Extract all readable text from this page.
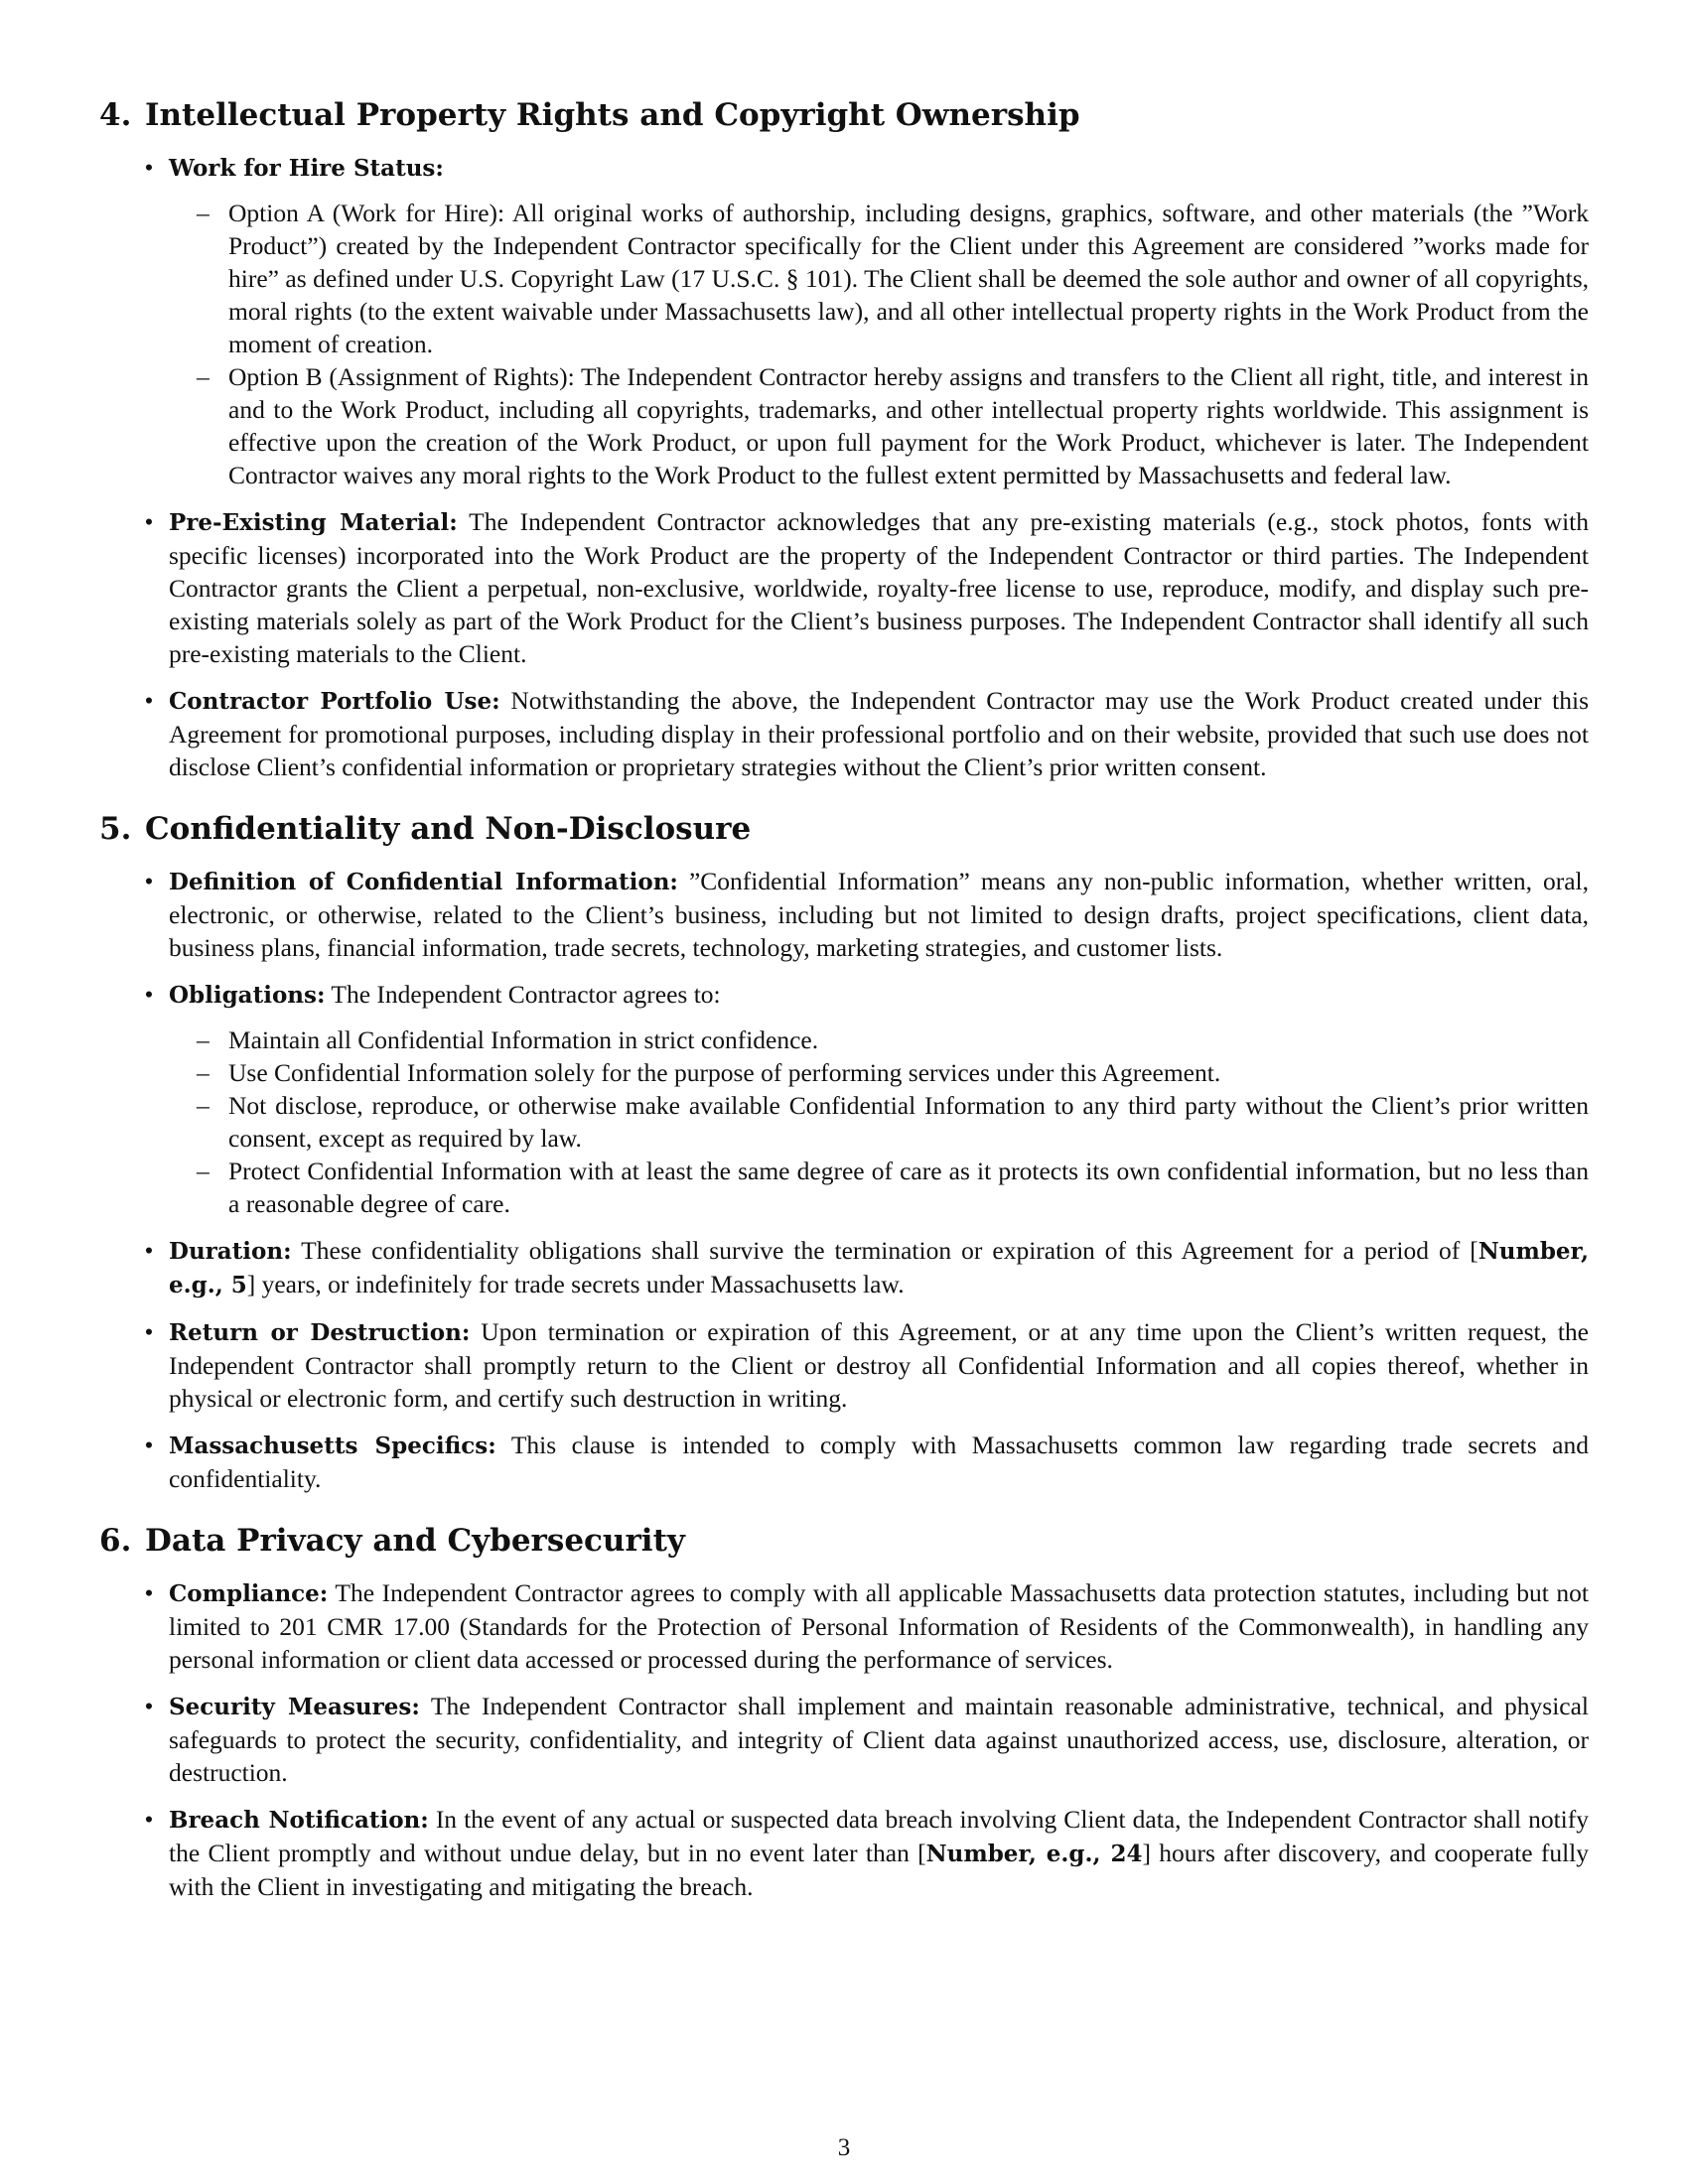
4. Intellectual Property Rights and Copyright Ownership
• Work for Hire Status:
– Option A (Work for Hire): All original works of authorship, including designs, graphics, software, and other materials (the ”Work Product”) created by the Independent Contractor specifically for the Client under this Agreement are considered ”works made for hire” as defined under U.S. Copyright Law (17 U.S.C. § 101). The Client shall be deemed the sole author and owner of all copyrights, moral rights (to the extent waivable under Massachusetts law), and all other intellectual property rights in the Work Product from the moment of creation.
– Option B (Assignment of Rights): The Independent Contractor hereby assigns and transfers to the Client all right, title, and interest in and to the Work Product, including all copyrights, trademarks, and other intellectual property rights worldwide. This assignment is effective upon the creation of the Work Product, or upon full payment for the Work Product, whichever is later. The Independent Contractor waives any moral rights to the Work Product to the fullest extent permitted by Massachusetts and federal law.
• Pre-Existing Material: The Independent Contractor acknowledges that any pre-existing materials (e.g., stock photos, fonts with specific licenses) incorporated into the Work Product are the property of the Independent Contractor or third parties. The Independent Contractor grants the Client a perpetual, non-exclusive, worldwide, royalty-free license to use, reproduce, modify, and display such pre-existing materials solely as part of the Work Product for the Client’s business purposes. The Independent Contractor shall identify all such pre-existing materials to the Client.
• Contractor Portfolio Use: Notwithstanding the above, the Independent Contractor may use the Work Product created under this Agreement for promotional purposes, including display in their professional portfolio and on their website, provided that such use does not disclose Client’s confidential information or proprietary strategies without the Client’s prior written consent.
5. Confidentiality and Non-Disclosure
• Definition of Confidential Information: ”Confidential Information” means any non-public information, whether written, oral, electronic, or otherwise, related to the Client’s business, including but not limited to design drafts, project specifications, client data, business plans, financial information, trade secrets, technology, marketing strategies, and customer lists.
• Obligations: The Independent Contractor agrees to:
– Maintain all Confidential Information in strict confidence.
– Use Confidential Information solely for the purpose of performing services under this Agreement.
– Not disclose, reproduce, or otherwise make available Confidential Information to any third party without the Client’s prior written consent, except as required by law.
– Protect Confidential Information with at least the same degree of care as it protects its own confidential information, but no less than a reasonable degree of care.
• Duration: These confidentiality obligations shall survive the termination or expiration of this Agreement for a period of [Number, e.g., 5] years, or indefinitely for trade secrets under Massachusetts law.
• Return or Destruction: Upon termination or expiration of this Agreement, or at any time upon the Client’s written request, the Independent Contractor shall promptly return to the Client or destroy all Confidential Information and all copies thereof, whether in physical or electronic form, and certify such destruction in writing.
• Massachusetts Specifics: This clause is intended to comply with Massachusetts common law regarding trade secrets and confidentiality.
6. Data Privacy and Cybersecurity
• Compliance: The Independent Contractor agrees to comply with all applicable Massachusetts data protection statutes, including but not limited to 201 CMR 17.00 (Standards for the Protection of Personal Information of Residents of the Commonwealth), in handling any personal information or client data accessed or processed during the performance of services.
• Security Measures: The Independent Contractor shall implement and maintain reasonable administrative, technical, and physical safeguards to protect the security, confidentiality, and integrity of Client data against unauthorized access, use, disclosure, alteration, or destruction.
• Breach Notification: In the event of any actual or suspected data breach involving Client data, the Independent Contractor shall notify the Client promptly and without undue delay, but in no event later than [Number, e.g., 24] hours after discovery, and cooperate fully with the Client in investigating and mitigating the breach.
3
